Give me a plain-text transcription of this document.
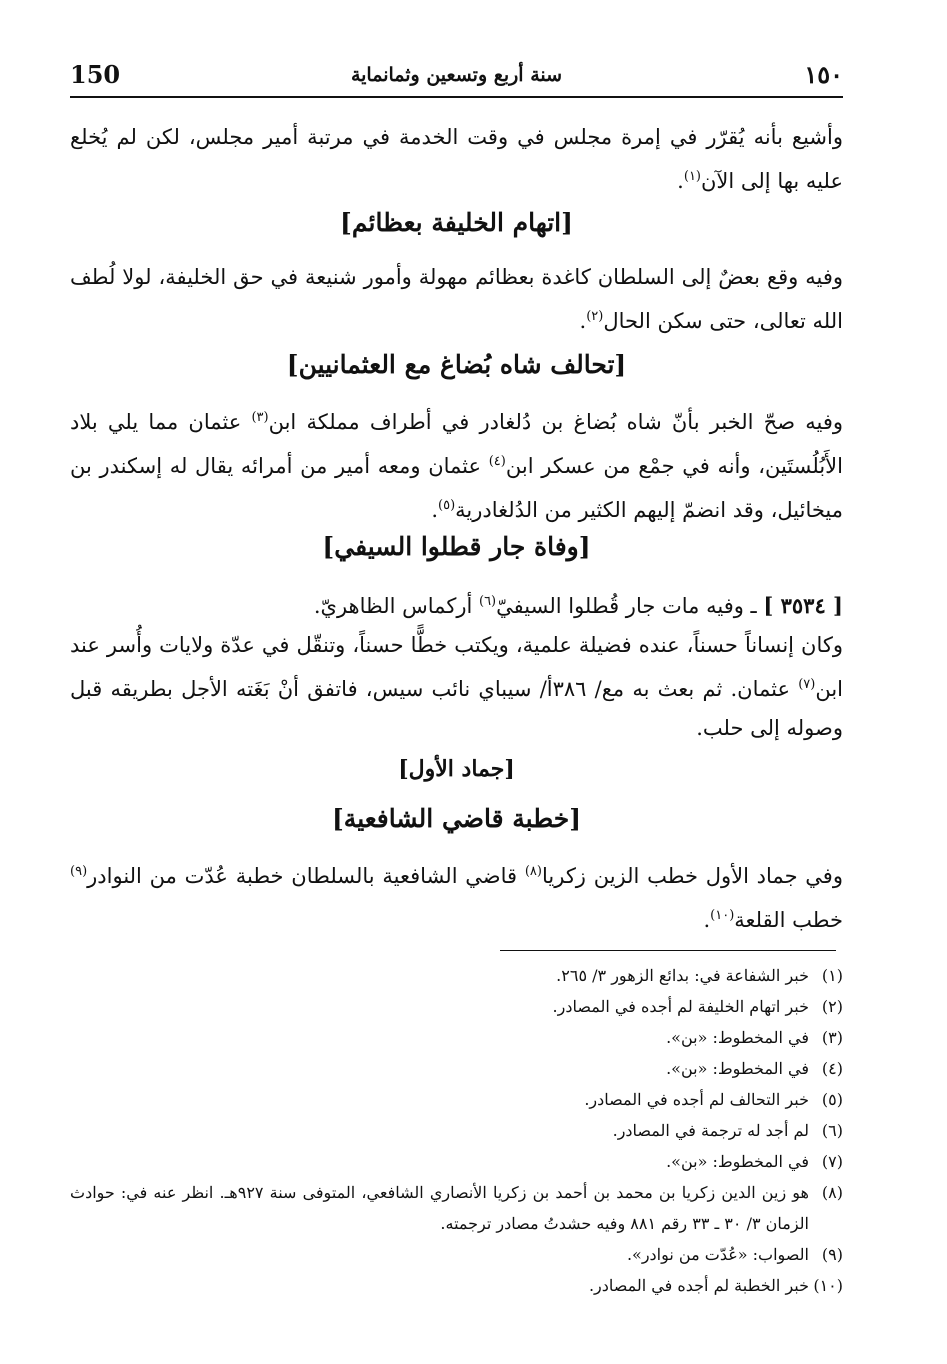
150	سنة أربع وتسعين وثمانماية	١٥٠
وأشيع بأنه يُقرّر في إمرة مجلس في وقت الخدمة في مرتبة أمير مجلس، لكن لم يُخلع عليه بها إلى الآن$^{(١)}$.
[اتهام الخليفة بعظائم]
وفيه وقع بعضٌ إلى السلطان كاغدة بعظائم مهولة وأمور شنيعة في حق الخليفة، لولا لُطف الله تعالى، حتى سكن الحال$^{(٢)}$.
[تحالف شاه بُضاغ مع العثمانيين]
وفيه صحّ الخبر بأنّ شاه بُضاغ بن دُلغادر في أطراف مملكة ابن$^{(٣)}$ عثمان مما يلي بلاد الأَبُلُستَين، وأنه في جمْع من عسكر ابن$^{(٤)}$ عثمان ومعه أمير من أمرائه يقال له إسكندر بن ميخائيل، وقد انضمّ إليهم الكثير من الدُلغادرية$^{(٥)}$.
[وفاة جار قطلوا السيفي]
[ ٣٥٣٤ ] ـ وفيه مات جار قُطلوا السيفيّ$^{(٦)}$ أركماس الظاهريّ.
وكان إنساناً حسناً، عنده فضيلة علمية، ويكتب خطًّا حسناً، وتنقّل في عدّة ولايات وأُسر عند ابن$^{(٧)}$ عثمان. ثم بعث به مع/ ٣٨٦أ/ سيباي نائب سيس، فاتفق أنْ بَغَته الأجل بطريقه قبل وصوله إلى حلب.
[جماد الأول]
[خطبة قاضي الشافعية]
وفي جماد الأول خطب الزين زكريا$^{(٨)}$ قاضي الشافعية بالسلطان خطبة عُدّت من النوادر$^{(٩)}$ خطب القلعة$^{(١٠)}$.
(١)
خبر الشفاعة في: بدائع الزهور ٣/ ٢٦٥.
(٢)
خبر اتهام الخليفة لم أجده في المصادر.
(٣)
في المخطوط: «بن».
(٤)
في المخطوط: «بن».
(٥)
خبر التحالف لم أجده في المصادر.
(٦)
لم أجد له ترجمة في المصادر.
(٧)
في المخطوط: «بن».
(٨)
هو زين الدين زكريا بن محمد بن أحمد بن زكريا الأنصاري الشافعي، المتوفى سنة ٩٢٧هـ. انظر عنه في: حوادث الزمان ٣/ ٣٠ ـ ٣٣ رقم ٨٨١ وفيه حشدتُ مصادر ترجمته.
(٩)
الصواب: «عُدّت من نوادر».
(١٠)
خبر الخطبة لم أجده في المصادر.
